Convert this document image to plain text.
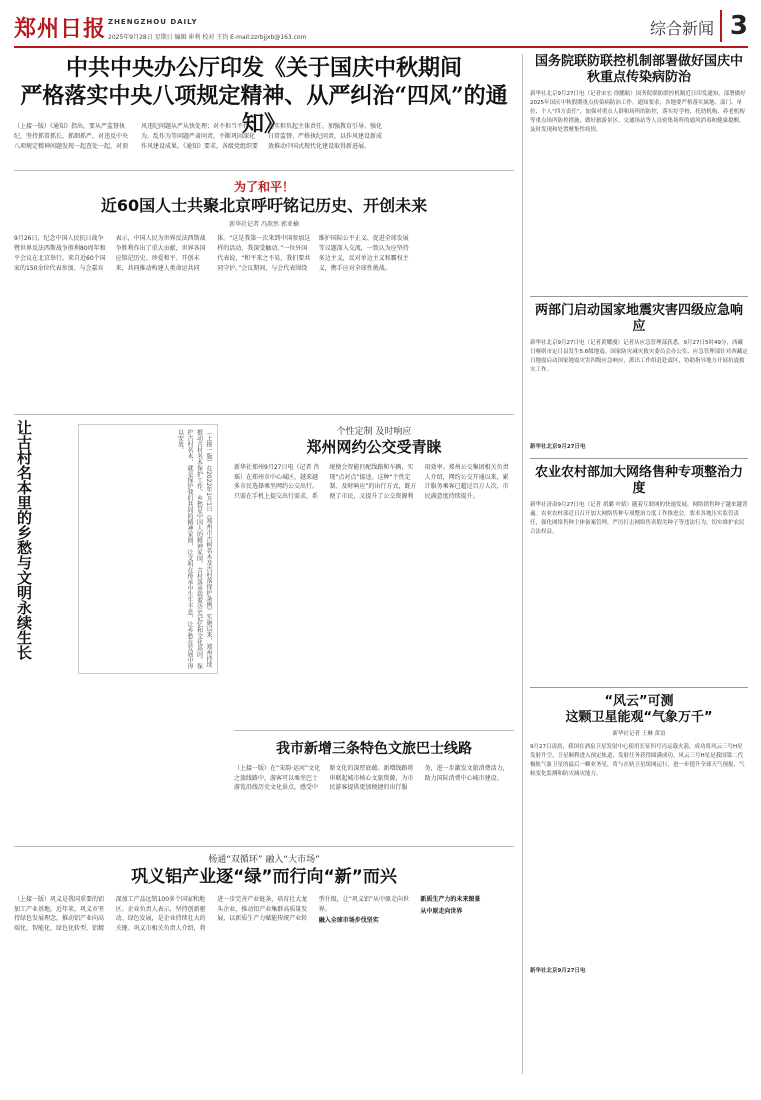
郑州日报 ZHENGZHOU DAILY
2025年9月28日 星期日 编辑 崔利 校对 王钧 E-mail:zzrbjjxb@163.com	综合新闻 3
中共中央办公厅印发《关于国庆中秋期间
严格落实中央八项规定精神、从严纠治“四风”的通知》
（上接一版）《通知》指出，要从严监督执纪，坚持抓常抓长，抓细抓严，对违反中央八项规定精神问题发现一起查处一起，对顶风违纪问题从严从快处理；对不担当不作为、乱作为等问题严肃问责，不断巩固深化作风建设成果。《通知》要求，各级党组织要切实担负起主体责任，加强教育引导、强化日常监督、严格执纪问责，以作风建设新成效推动中国式现代化建设取得新进展。
为了和平！
近60国人士共聚北京呼吁铭记历史、开创未来
新华社记者 冯歆然 郭亚楠
9月26日，纪念中国人民抗日战争暨世界反法西斯战争胜利80周年和平会议在北京举行。来自近60个国家的150余位代表参加。与会嘉宾表示，中国人民为世界反法西斯战争胜利作出了重大贡献，世界各国应铭记历史、珍爱和平、开创未来，共同推动构建人类命运共同体。“这是我第一次来到中国参加这样的活动，我深受触动。”一位外国代表说，“和平来之不易，我们要共同守护。”会议期间，与会代表围绕维护国际公平正义、促进全球发展等议题深入交流，一致认为应坚持多边主义，反对单边主义和霸权主义，携手应对全球性挑战。
让古村名本里的乡愁与文明永续生长	（上接一版）在2022年1月1日《郑州市古树名木及古村落保护条例》实施以来，郑州持续推动古村名木保护工作。乡愁是中国人的精神家园，古村落承载着历史记忆和文化基因。保护古村名木，就是保护我们共同的精神家园，让文明在传承中生生不息，让乡愁在发展中得以安放。	个性定制 及时响应
郑州网约公交受青睐
新华社郑州9月27日电（记者 肖瑶）在郑州市中心城区，越来越多市民选择乘坐网约公交出行。只需在手机上提交出行需求，系统便会智能匹配线路和车辆，实现“点对点”接送。这种“个性定制、及时响应”的出行方式，既方便了市民，又提升了公交资源利用效率。郑州公交集团相关负责人介绍，网约公交开通以来，累计服务乘客已超过百万人次，市民满意度持续提升。
我市新增三条特色文旅巴士线路
（上接一版）在“宋韵·运河”文化之旅线路中，游客可以乘坐巴士游览沿线历史文化景点，感受中原文化的深厚底蕴。新增线路将串联起城市核心文旅资源，为市民游客提供更加便捷的出行服务，进一步激发文旅消费活力，助力国际消费中心城市建设。
杨通“双循环” 融入“大市场”
巩义铝产业逐“绿”而行向“新”而兴
（上接一版）巩义是我国重要的铝加工产业基地。近年来，巩义市坚持绿色发展理念，推动铝产业向高端化、智能化、绿色化转型，铝精深加工产品远销100多个国家和地区。企业负责人表示，坚持创新驱动、绿色发展，是企业持续壮大的关键。巩义市相关负责人介绍，将进一步完善产业链条，培育壮大龙头企业，推动铝产业集群高质量发展，以新质生产力赋能传统产业转型升级，让“巩义铝”从中原走向世界。
融入全球市场步伐坚实
新质生产力的未来图景
从中原走向世界
国务院联防联控机制部署做好国庆中秋重点传染病防治
新华社北京9月27日电（记者宋宏 徐鹏航）国务院联防联控机制近日印发通知，部署做好2025年国庆中秋假期重点传染病防治工作。通知要求，各地要严格落实属地、部门、单位、个人“四方责任”，加强对重点人群和场所的防控，落实好学校、托幼机构、养老机构等重点场所防控措施，做好旅游景区、交通场站等人员密集场所的通风消毒和健康提醒，及时发现和处置聚集性疫情。
两部门启动国家地震灾害四级应急响应
新华社北京9月27日电（记者黄耀漫）记者从应急管理部获悉，9月27日5时49分，西藏日喀则市定日县发生5.6级地震。国家防灾减灾救灾委员会办公室、应急管理部针对西藏定日地震启动国家地震灾害四级应急响应，派出工作组赶赴震区，协助指导地方开展抗震救灾工作。
新华社北京9月27日电
农业农村部加大网络售种专项整治力度
新华社济南9月27日电（记者 胡璐 叶婧）随着互联网的快速发展，网络销售种子越来越普遍。农业农村部近日召开加大网络售种专项整治力度工作推进会，要求各地压实监管责任，强化网络售种主体备案管理，严厉打击网络售卖假劣种子等违法行为，切实维护农民合法权益。
“风云”可测
这颗卫星能观“气象万千”
新华社记者 王琳 黄谊
9月27日凌晨，我国在酒泉卫星发射中心使用长征四号丙运载火箭，成功将风云三号H星发射升空。卫星顺利进入预定轨道，发射任务获得圆满成功。风云三号H星是我国第二代极轨气象卫星的最后一颗业务星，将与在轨卫星组网运行，进一步提升全球天气预报、气候变化监测和防灾减灾能力。
新华社北京9月27日电
